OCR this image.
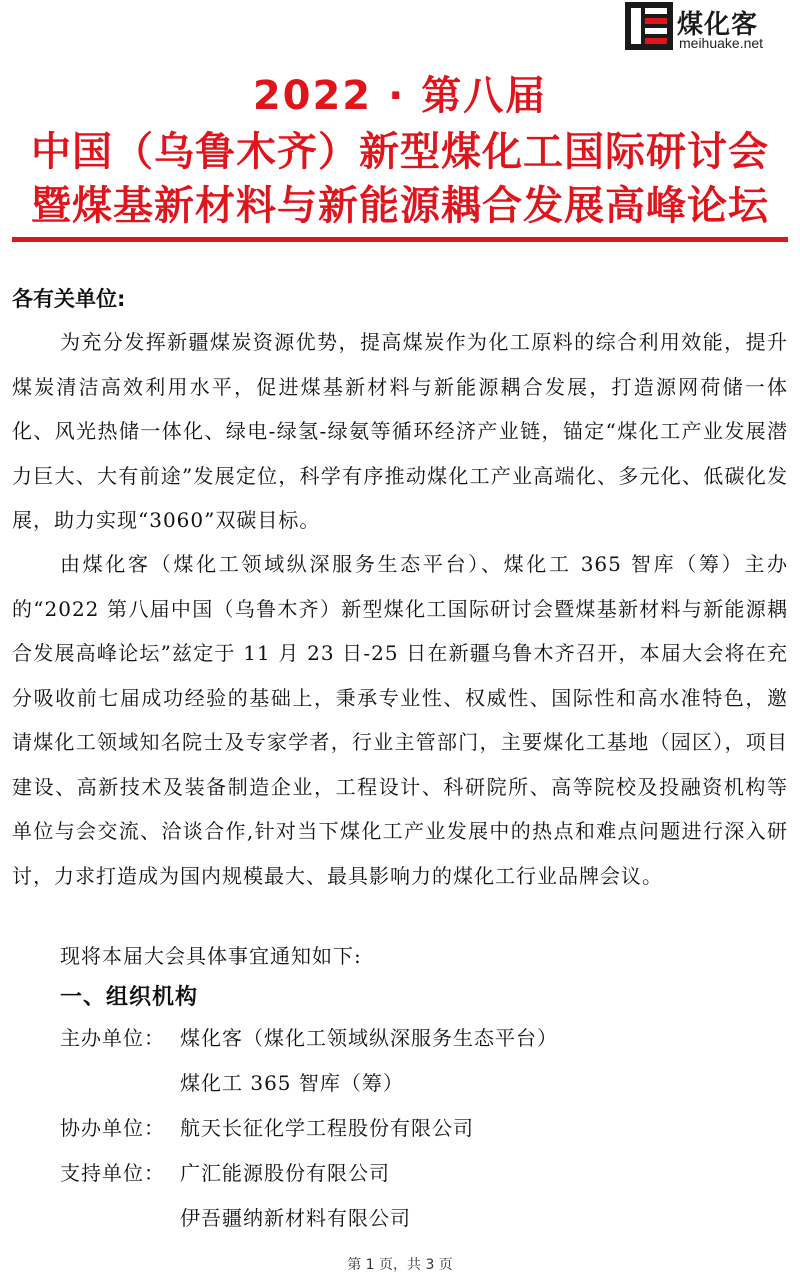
煤化客
meihuake.net
2022 · 第八届
中国（乌鲁木齐）新型煤化工国际研讨会
暨煤基新材料与新能源耦合发展高峰论坛
各有关单位:
为充分发挥新疆煤炭资源优势，提高煤炭作为化工原料的综合利用效能，提升煤炭清洁高效利用水平，促进煤基新材料与新能源耦合发展，打造源网荷储一体化、风光热储一体化、绿电-绿氢-绿氨等循环经济产业链，锚定“煤化工产业发展潜力巨大、大有前途”发展定位，科学有序推动煤化工产业高端化、多元化、低碳化发展，助力实现“3060”双碳目标。
由煤化客（煤化工领域纵深服务生态平台）、煤化工 365 智库（筹）主办的“2022 第八届中国（乌鲁木齐）新型煤化工国际研讨会暨煤基新材料与新能源耦合发展高峰论坛”兹定于 11 月 23 日-25 日在新疆乌鲁木齐召开，本届大会将在充分吸收前七届成功经验的基础上，秉承专业性、权威性、国际性和高水准特色，邀请煤化工领域知名院士及专家学者，行业主管部门，主要煤化工基地（园区），项目建设、高新技术及装备制造企业，工程设计、科研院所、高等院校及投融资机构等单位与会交流、洽谈合作,针对当下煤化工产业发展中的热点和难点问题进行深入研讨，力求打造成为国内规模最大、最具影响力的煤化工行业品牌会议。
现将本届大会具体事宜通知如下:
一、组织机构
主办单位： 煤化客（煤化工领域纵深服务生态平台）
煤化工 365 智库（筹）
协办单位： 航天长征化学工程股份有限公司
支持单位： 广汇能源股份有限公司
伊吾疆纳新材料有限公司
第 1 页，共 3 页
